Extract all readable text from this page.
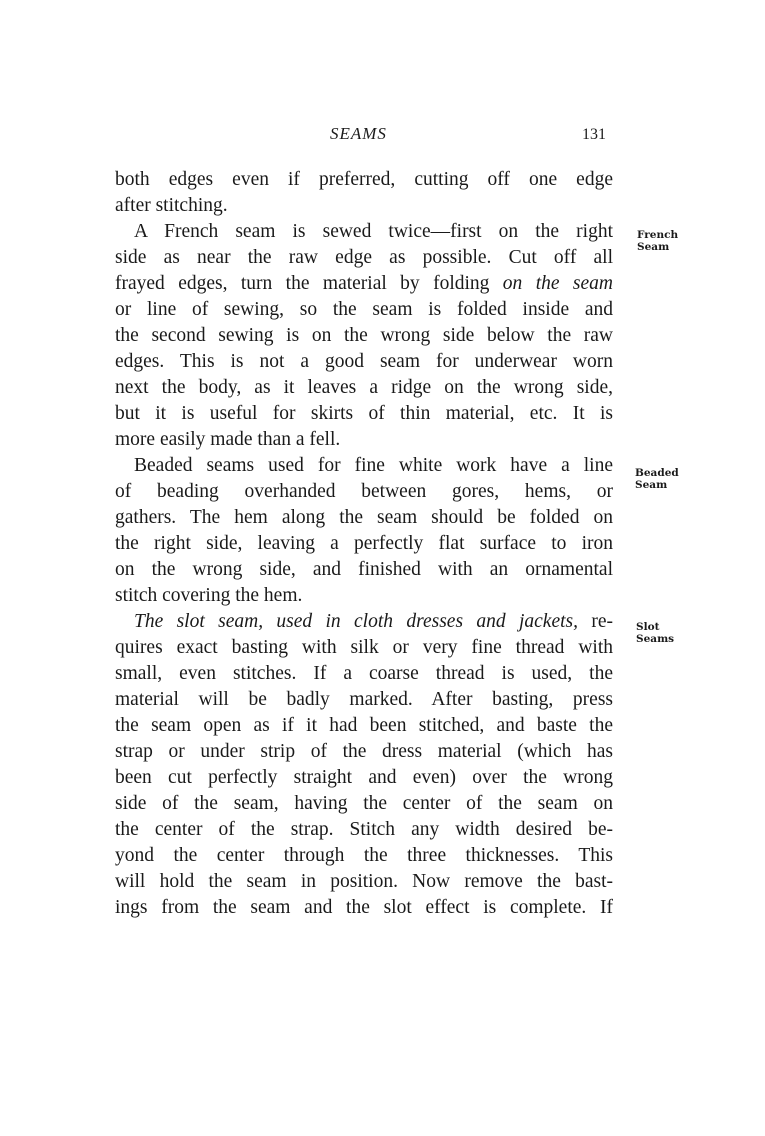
SEAMS	131
both edges even if preferred, cutting off one edge
after stitching.
A French seam is sewed twice—first on the right
side as near the raw edge as possible. Cut off all
frayed edges, turn the material by folding on the seam
or line of sewing, so the seam is folded inside and
the second sewing is on the wrong side below the raw
edges. This is not a good seam for underwear worn
next the body, as it leaves a ridge on the wrong side,
but it is useful for skirts of thin material, etc. It is
more easily made than a fell.
Beaded seams used for fine white work have a line
of beading overhanded between gores, hems, or
gathers. The hem along the seam should be folded on
the right side, leaving a perfectly flat surface to iron
on the wrong side, and finished with an ornamental
stitch covering the hem.
The slot seam, used in cloth dresses and jackets, re-
quires exact basting with silk or very fine thread with
small, even stitches. If a coarse thread is used, the
material will be badly marked. After basting, press
the seam open as if it had been stitched, and baste the
strap or under strip of the dress material (which has
been cut perfectly straight and even) over the wrong
side of the seam, having the center of the seam on
the center of the strap. Stitch any width desired be-
yond the center through the three thicknesses. This
will hold the seam in position. Now remove the bast-
ings from the seam and the slot effect is complete. If
French
Seam
Beaded
Seam
Slot
Seams
